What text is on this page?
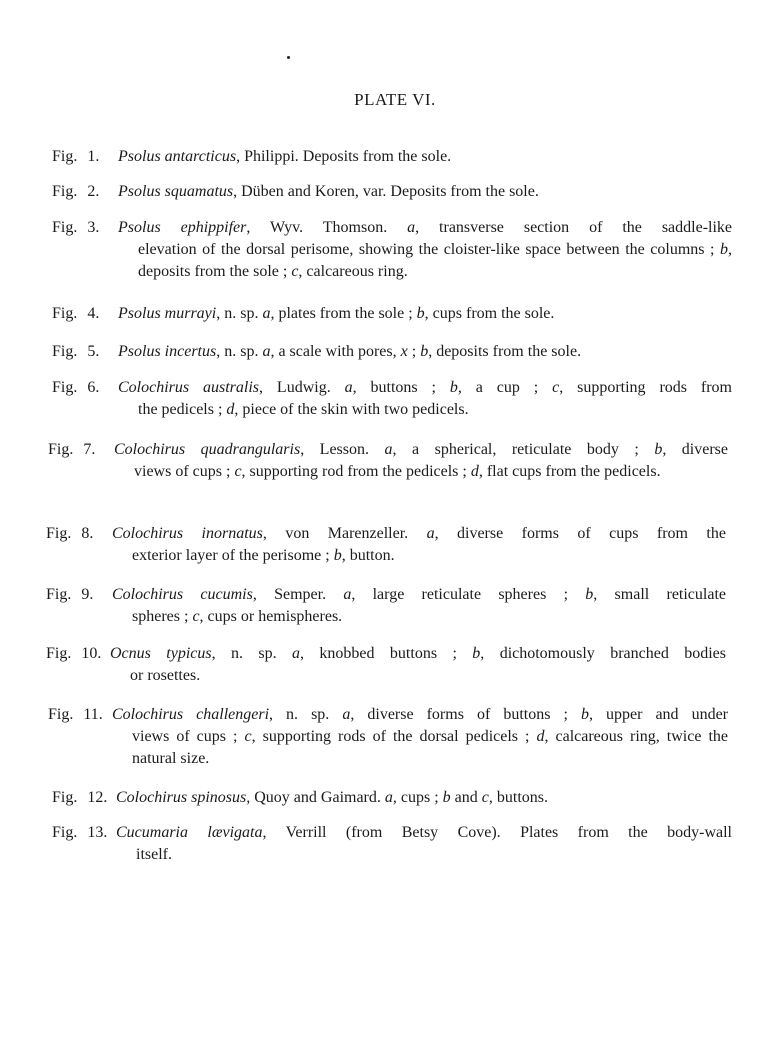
PLATE VI.
Fig. 1. Psolus antarcticus, Philippi. Deposits from the sole.
Fig. 2. Psolus squamatus, Düben and Koren, var. Deposits from the sole.
Fig. 3. Psolus ephippifer, Wyv. Thomson. a, transverse section of the saddle-like
elevation of the dorsal perisome, showing the cloister-like space between the columns ; b, deposits from the sole ; c, calcareous ring.
Fig. 4. Psolus murrayi, n. sp. a, plates from the sole ; b, cups from the sole.
Fig. 5. Psolus incertus, n. sp. a, a scale with pores, x ; b, deposits from the sole.
Fig. 6. Colochirus australis, Ludwig. a, buttons ; b, a cup ; c, supporting rods from
the pedicels ; d, piece of the skin with two pedicels.
Fig. 7. Colochirus quadrangularis, Lesson. a, a spherical, reticulate body ; b, diverse
views of cups ; c, supporting rod from the pedicels ; d, flat cups from the pedicels.
Fig. 8. Colochirus inornatus, von Marenzeller. a, diverse forms of cups from the
exterior layer of the perisome ; b, button.
Fig. 9. Colochirus cucumis, Semper. a, large reticulate spheres ; b, small reticulate
spheres ; c, cups or hemispheres.
Fig. 10. Ocnus typicus, n. sp. a, knobbed buttons ; b, dichotomously branched bodies
or rosettes.
Fig. 11. Colochirus challengeri, n. sp. a, diverse forms of buttons ; b, upper and under
views of cups ; c, supporting rods of the dorsal pedicels ; d, calcareous ring, twice the natural size.
Fig. 12. Colochirus spinosus, Quoy and Gaimard. a, cups ; b and c, buttons.
Fig. 13. Cucumaria lævigata, Verrill (from Betsy Cove). Plates from the body-wall
itself.
